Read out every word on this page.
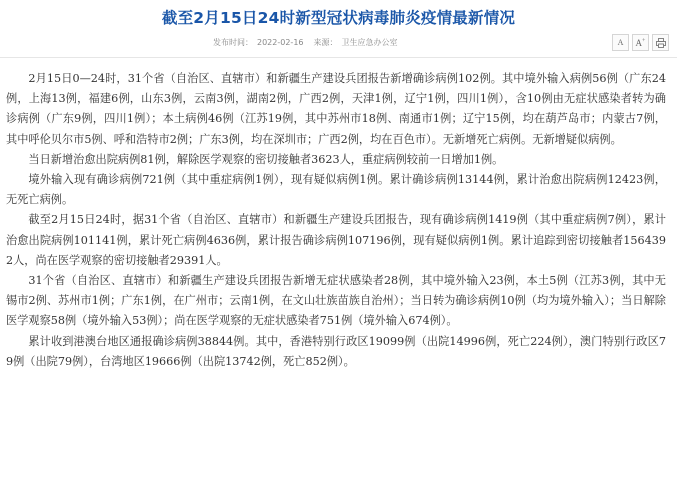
截至2月15日24时新型冠状病毒肺炎疫情最新情况
发布时间： 2022-02-16 来源： 卫生应急办公室	A A+

2月15日0—24时，31个省（自治区、直辖市）和新疆生产建设兵团报告新增确诊病例102例。其中境外输入病例56例（广东24例，上海13例，福建6例，山东3例，云南3例，湖南2例，广西2例，天津1例，辽宁1例，四川1例），含10例由无症状感染者转为确诊病例（广东9例，四川1例）；本土病例46例（江苏19例，其中苏州市18例、南通市1例；辽宁15例，均在葫芦岛市；内蒙古7例，其中呼伦贝尔市5例、呼和浩特市2例；广东3例，均在深圳市；广西2例，均在百色市）。无新增死亡病例。无新增疑似病例。

当日新增治愈出院病例81例，解除医学观察的密切接触者3623人，重症病例较前一日增加1例。

境外输入现有确诊病例721例（其中重症病例1例），现有疑似病例1例。累计确诊病例13144例，累计治愈出院病例12423例，无死亡病例。

截至2月15日24时，据31个省（自治区、直辖市）和新疆生产建设兵团报告，现有确诊病例1419例（其中重症病例7例），累计治愈出院病例101141例，累计死亡病例4636例，累计报告确诊病例107196例，现有疑似病例1例。累计追踪到密切接触者1564392人，尚在医学观察的密切接触者29391人。

31个省（自治区、直辖市）和新疆生产建设兵团报告新增无症状感染者28例，其中境外输入23例，本土5例（江苏3例，其中无锡市2例、苏州市1例；广东1例，在广州市；云南1例，在文山壮族苗族自治州）；当日转为确诊病例10例（均为境外输入）；当日解除医学观察58例（境外输入53例）；尚在医学观察的无症状感染者751例（境外输入674例）。

累计收到港澳台地区通报确诊病例38844例。其中，香港特别行政区19099例（出院14996例，死亡224例），澳门特别行政区79例（出院79例），台湾地区19666例（出院13742例，死亡852例）。
